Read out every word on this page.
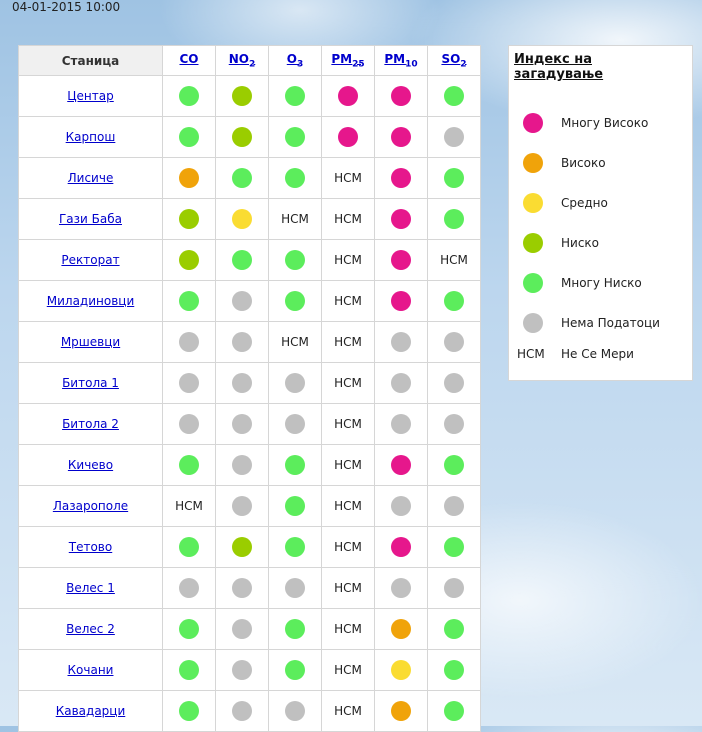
04-01-2015 10:00
Станица	CO	$NO_2$	$O_3$	$PM_{25}$	$PM_{10}$	$SO_2$
Центар						
Карпош						
Лисиче				НСМ		
Гази Баба			НСМ	НСМ		
Ректорат				НСМ		НСМ
Миладиновци				НСМ		
Мршевци			НСМ	НСМ		
Битола 1				НСМ		
Битола 2				НСМ		
Кичево				НСМ		
Лазарополе	НСМ			НСМ		
Тетово				НСМ		
Велес 1				НСМ		
Велес 2				НСМ		
Кочани				НСМ		
Кавадарци				НСМ		
Индекс на загадување
Многу Високо
Високо
Средно
Ниско
Многу Ниско
Нема Податоци
НСМ Не Се Мери
